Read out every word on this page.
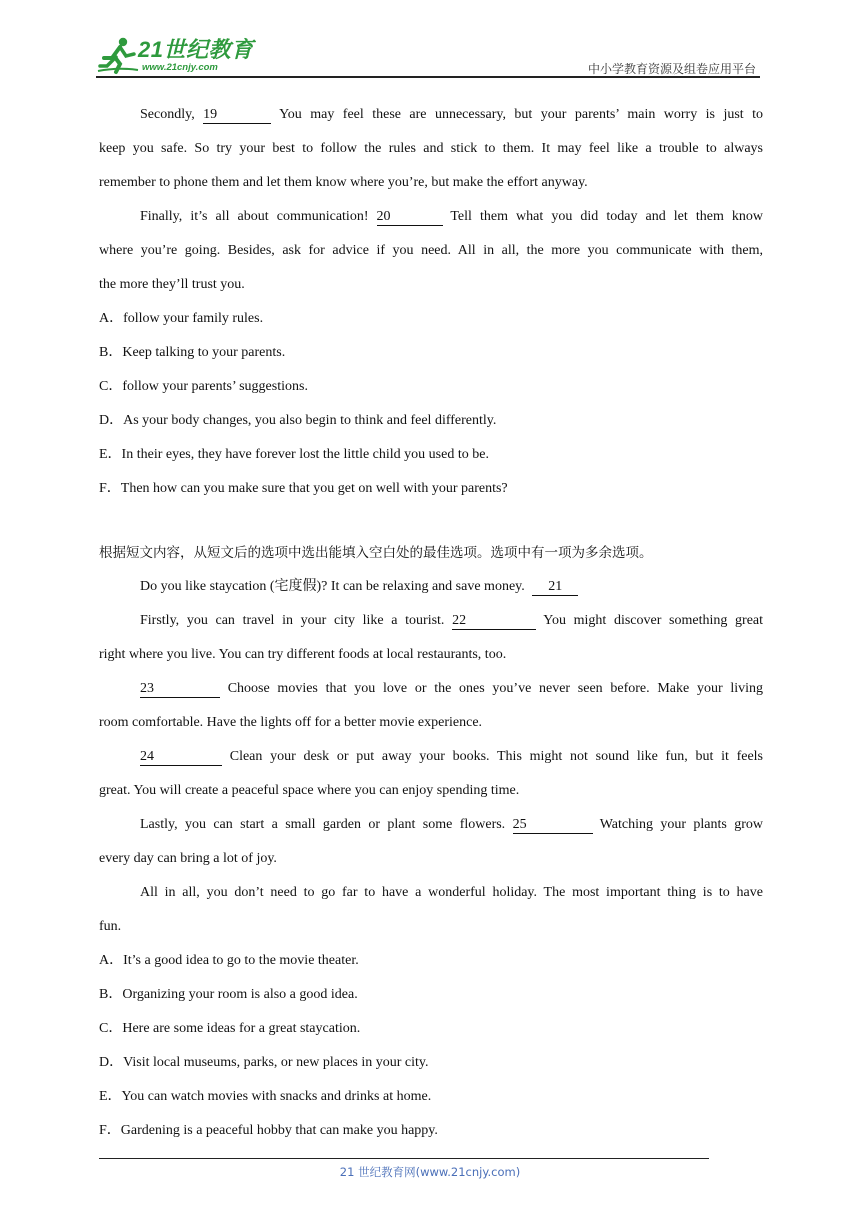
21世纪教育
www.21cnjy.com	中小学教育资源及组卷应用平台
Secondly, 19	You may feel these are unnecessary, but your parents’ main worry is just to
keep you safe. So try your best to follow the rules and stick to them. It may feel like a trouble to always
remember to phone them and let them know where you’re, but make the effort anyway.
Finally, it’s all about communication! 20	Tell them what you did today and let them know
where you’re going. Besides, ask for advice if you need. All in all, the more you communicate with them,
the more they’ll trust you.
A．follow your family rules.
B．Keep talking to your parents.
C．follow your parents’ suggestions.
D．As your body changes, you also begin to think and feel differently.
E．In their eyes, they have forever lost the little child you used to be.
F．Then how can you make sure that you get on well with your parents?
根据短文内容，从短文后的选项中选出能填入空白处的最佳选项。选项中有一项为多余选项。
Do you like staycation (宅度假)? It can be relaxing and save money. 21
Firstly, you can travel in your city like a tourist. 22	You might discover something great
right where you live. You can try different foods at local restaurants, too.
23	Choose movies that you love or the ones you’ve never seen before. Make your living
room comfortable. Have the lights off for a better movie experience.
24	Clean your desk or put away your books. This might not sound like fun, but it feels
great. You will create a peaceful space where you can enjoy spending time.
Lastly, you can start a small garden or plant some flowers. 25	Watching your plants grow
every day can bring a lot of joy.
All in all, you don’t need to go far to have a wonderful holiday. The most important thing is to have
fun.
A．It’s a good idea to go to the movie theater.
B．Organizing your room is also a good idea.
C．Here are some ideas for a great staycation.
D．Visit local museums, parks, or new places in your city.
E．You can watch movies with snacks and drinks at home.
F．Gardening is a peaceful hobby that can make you happy.
21 世纪教育网(www.21cnjy.com)
